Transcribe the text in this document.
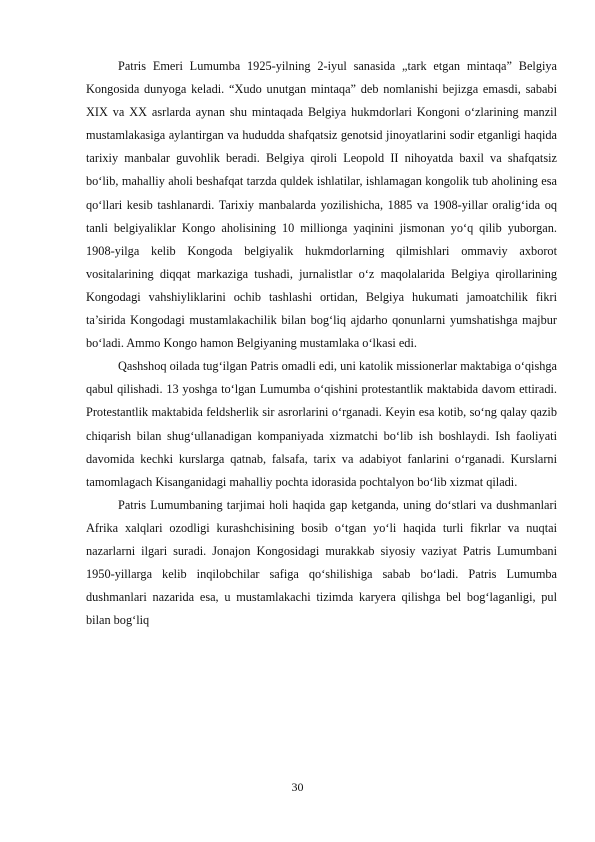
Patris Emeri Lumumba 1925-yilning 2-iyul sanasida „tark etgan mintaqa” Belgiya Kongosida dunyoga keladi. “Xudo unutgan mintaqa” deb nomlanishi bejizga emasdi, sababi XIX va XX asrlarda aynan shu mintaqada Belgiya hukmdorlari Kongoni o‘zlarining manzil mustamlakasiga aylantirgan va hududda shafqatsiz genotsid jinoyatlarini sodir etganligi haqida tarixiy manbalar guvohlik beradi. Belgiya qiroli Leopold II nihoyatda baxil va shafqatsiz bo‘lib, mahalliy aholi beshafqat tarzda quldek ishlatilar, ishlamagan kongolik tub aholining esa qo‘llari kesib tashlanardi. Tarixiy manbalarda yozilishicha, 1885 va 1908-yillar oralig‘ida oq tanli belgiyaliklar Kongo aholisining 10 millionga yaqinini jismonan yo‘q qilib yuborgan. 1908-yilga kelib Kongoda belgiyalik hukmdorlarning qilmishlari ommaviy axborot vositalarining diqqat markaziga tushadi, jurnalistlar o‘z maqolalarida Belgiya qirollarining Kongodagi vahshiyliklarini ochib tashlashi ortidan, Belgiya hukumati jamoatchilik fikri ta’sirida Kongodagi mustamlakachilik bilan bog‘liq ajdarho qonunlarni yumshatishga majbur bo‘ladi. Ammo Kongo hamon Belgiyaning mustamlaka o‘lkasi edi.

Qashshoq oilada tug‘ilgan Patris omadli edi, uni katolik missionerlar maktabiga o‘qishga qabul qilishadi. 13 yoshga to‘lgan Lumumba o‘qishini protestantlik maktabida davom ettiradi. Protestantlik maktabida feldsherlik sir asrorlarini o‘rganadi. Keyin esa kotib, so‘ng qalay qazib chiqarish bilan shug‘ullanadigan kompaniyada xizmatchi bo‘lib ish boshlaydi. Ish faoliyati davomida kechki kurslarga qatnab, falsafa, tarix va adabiyot fanlarini o‘rganadi. Kurslarni tamomlagach Kisanganidagi mahalliy pochta idorasida pochtalyon bo‘lib xizmat qiladi.

Patris Lumumbaning tarjimai holi haqida gap ketganda, uning do‘stlari va dushmanlari Afrika xalqlari ozodligi kurashchisining bosib o‘tgan yo‘li haqida turli fikrlar va nuqtai nazarlarni ilgari suradi. Jonajon Kongosidagi murakkab siyosiy vaziyat Patris Lumumbani 1950-yillarga kelib inqilobchilar safiga qo‘shilishiga sabab bo‘ladi. Patris Lumumba dushmanlari nazarida esa, u mustamlakachi tizimda karyera qilishga bel bog‘laganligi, pul bilan bog‘liq

30
